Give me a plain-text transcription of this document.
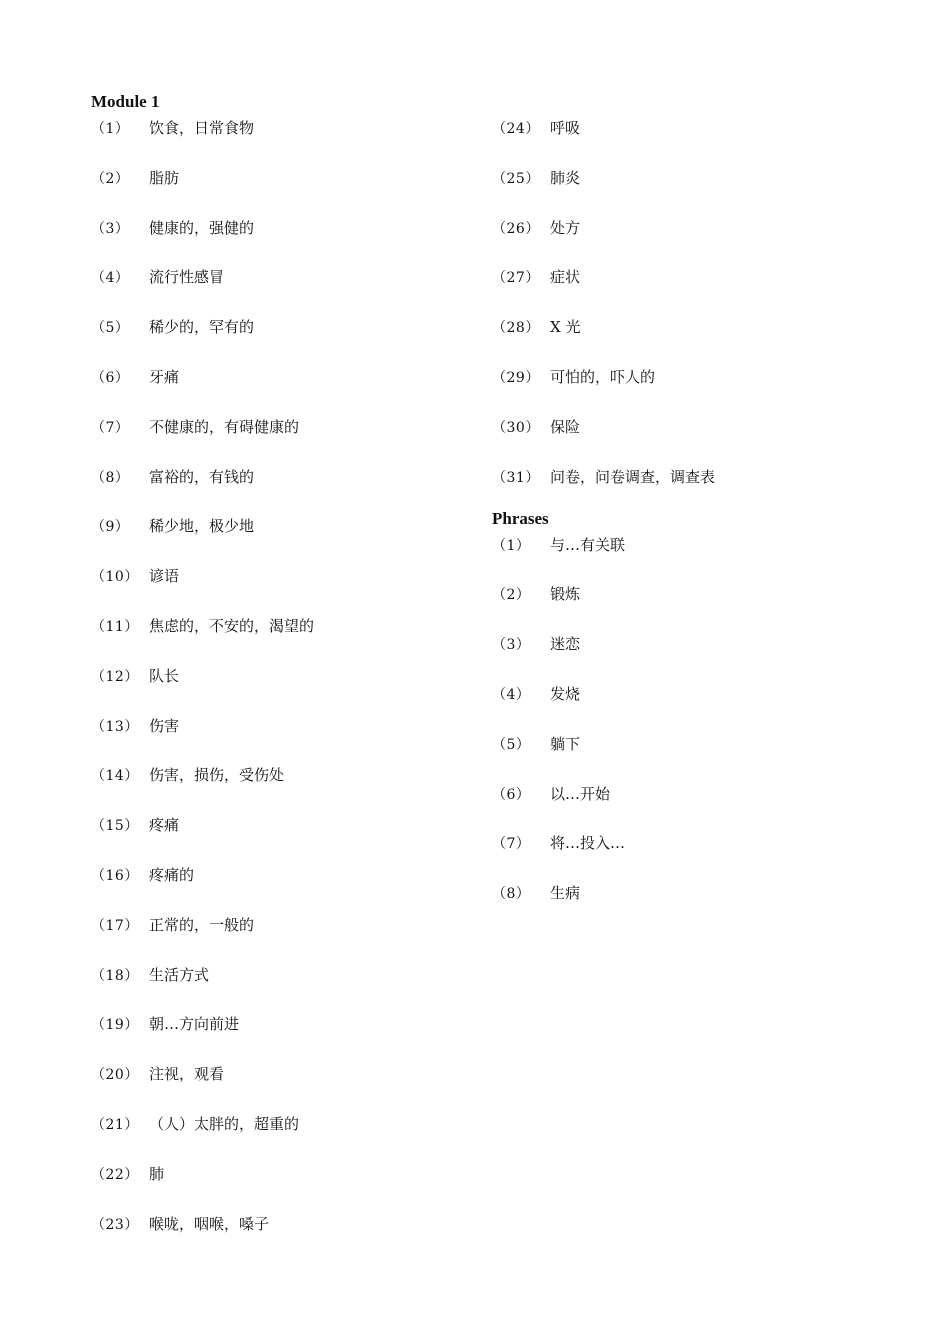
Module 1
（1）	饮食，日常食物
（2）	脂肪
（3）	健康的，强健的
（4）	流行性感冒
（5）	稀少的，罕有的
（6）	牙痛
（7）	不健康的，有碍健康的
（8）	富裕的，有钱的
（9）	稀少地，极少地
（10） 谚语
（11） 焦虑的，不安的，渴望的
（12） 队长
（13） 伤害
（14） 伤害，损伤，受伤处
（15） 疼痛
（16） 疼痛的
（17） 正常的，一般的
（18） 生活方式
（19） 朝…方向前进
（20） 注视，观看
（21） （人）太胖的，超重的
（22） 肺
（23） 喉咙，咽喉，嗓子
（24） 呼吸
（25） 肺炎
（26） 处方
（27） 症状
（28） X 光
（29） 可怕的，吓人的
（30） 保险
（31） 问卷，问卷调查，调查表
Phrases
（1）	与…有关联
（2）	锻炼
（3）	迷恋
（4）	发烧
（5）	躺下
（6）	以…开始
（7）	将…投入…
（8）	生病
